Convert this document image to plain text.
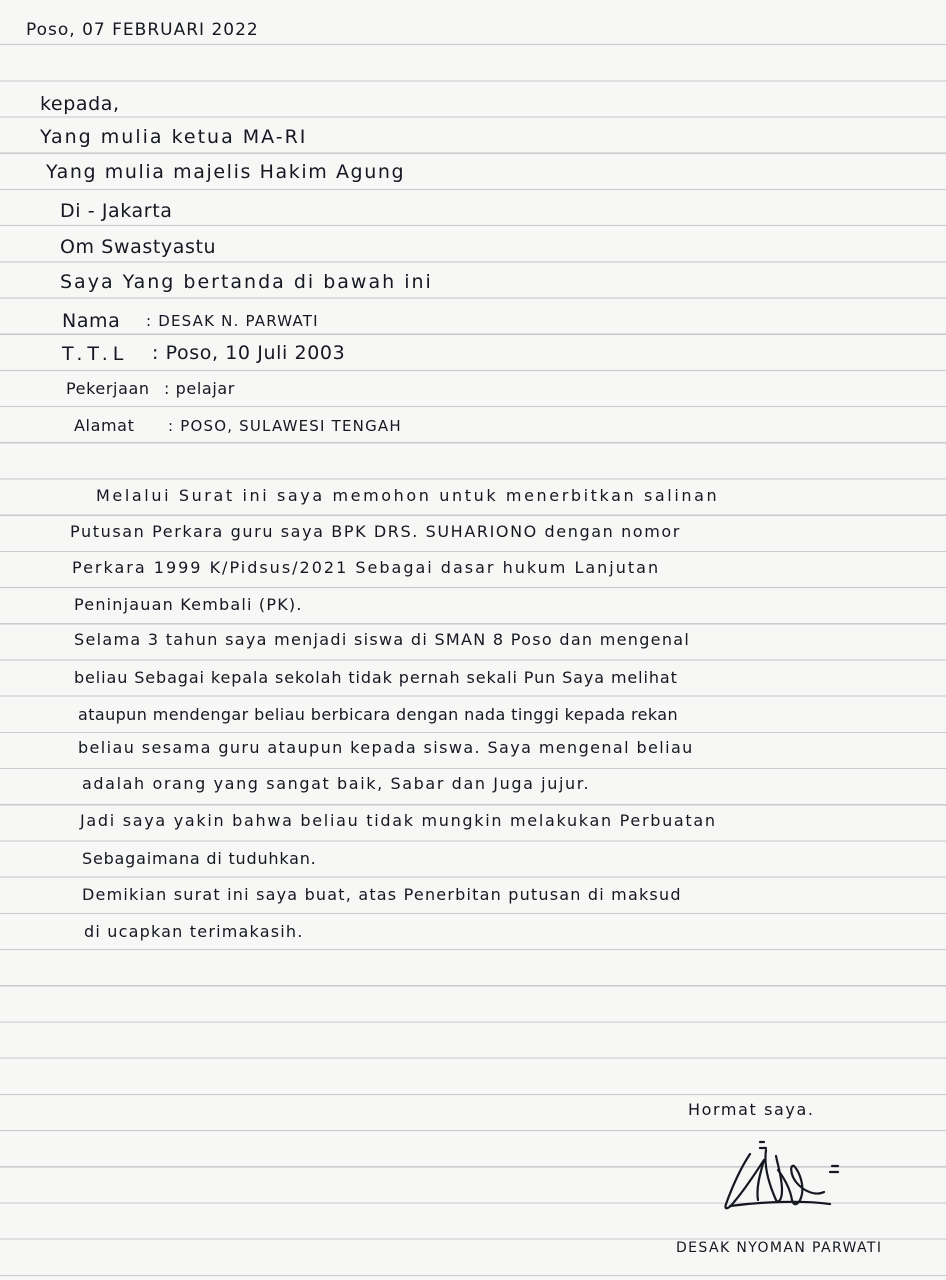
Poso, 07 FEBRUARI 2022
kepada,
Yang mulia ketua MA-RI
Yang mulia majelis Hakim Agung
Di - Jakarta
Om Swastyastu
Saya Yang bertanda di bawah ini
Nama : DESAK N. PARWATI
T.T.L : Poso, 10 Juli 2003
Pekerjaan : pelajar
Alamat : POSO, SULAWESI TENGAH
Melalui Surat ini saya memohon untuk menerbitkan salinan
Putusan Perkara guru saya BPK DRS. SUHARIONO dengan nomor
Perkara 1999 K/Pidsus/2021 Sebagai dasar hukum Lanjutan
Peninjauan Kembali (PK).
Selama 3 tahun saya menjadi siswa di SMAN 8 Poso dan mengenal
beliau Sebagai kepala sekolah tidak pernah sekali Pun Saya melihat
ataupun mendengar beliau berbicara dengan nada tinggi kepada rekan
beliau sesama guru ataupun kepada siswa. Saya mengenal beliau
adalah orang yang sangat baik, Sabar dan Juga jujur.
Jadi saya yakin bahwa beliau tidak mungkin melakukan Perbuatan
Sebagaimana di tuduhkan.
Demikian surat ini saya buat, atas Penerbitan putusan di maksud
di ucapkan terimakasih.
Hormat saya.
DESAK NYOMAN PARWATI
